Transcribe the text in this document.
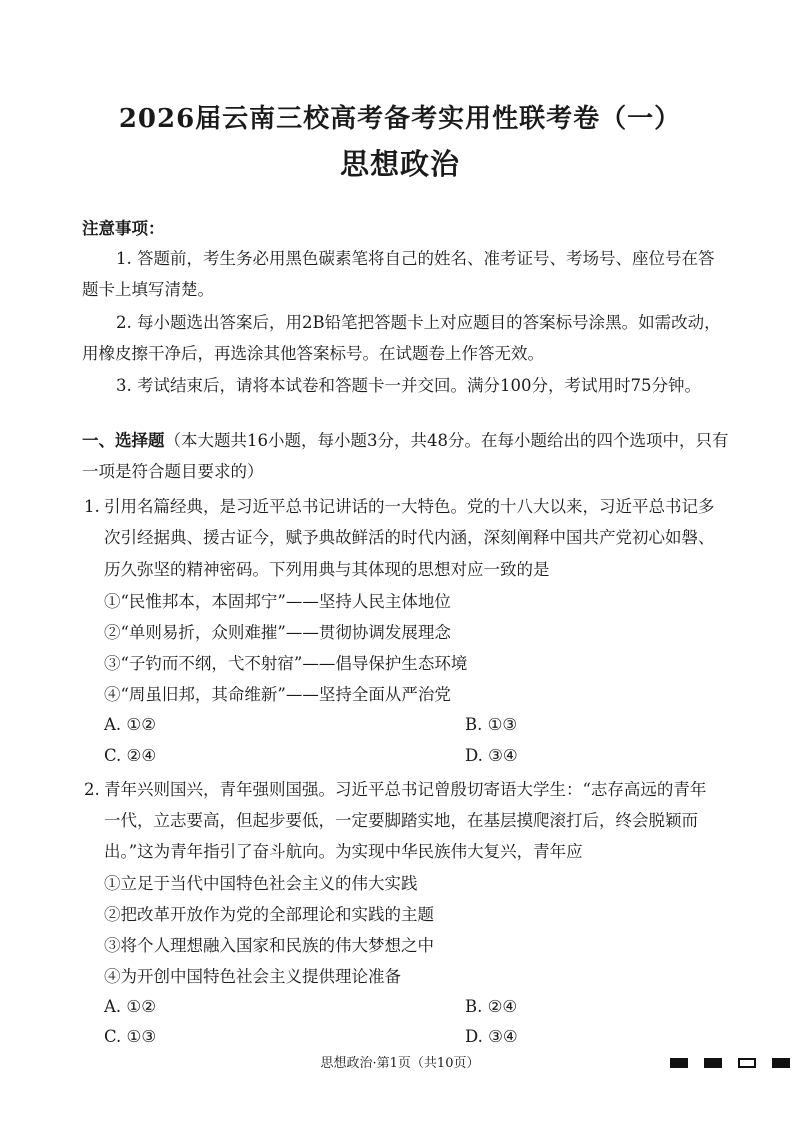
2026届云南三校高考备考实用性联考卷（一）
思想政治
注意事项：
1. 答题前，考生务必用黑色碳素笔将自己的姓名、准考证号、考场号、座位号在答
题卡上填写清楚。
2. 每小题选出答案后，用2B铅笔把答题卡上对应题目的答案标号涂黑。如需改动，
用橡皮擦干净后，再选涂其他答案标号。在试题卷上作答无效。
3. 考试结束后，请将本试卷和答题卡一并交回。满分100分，考试用时75分钟。
一、选择题（本大题共16小题，每小题3分，共48分。在每小题给出的四个选项中，只有
一项是符合题目要求的）
1. 引用名篇经典，是习近平总书记讲话的一大特色。党的十八大以来，习近平总书记多
次引经据典、援古证今，赋予典故鲜活的时代内涵，深刻阐释中国共产党初心如磐、
历久弥坚的精神密码。下列用典与其体现的思想对应一致的是
①“民惟邦本，本固邦宁”——坚持人民主体地位
②“单则易折，众则难摧”——贯彻协调发展理念
③“子钓而不纲，弋不射宿”——倡导保护生态环境
④“周虽旧邦，其命维新”——坚持全面从严治党
A. ①②	B. ①③
C. ②④	D. ③④
2. 青年兴则国兴，青年强则国强。习近平总书记曾殷切寄语大学生：“志存高远的青年
一代，立志要高，但起步要低，一定要脚踏实地，在基层摸爬滚打后，终会脱颖而
出。”这为青年指引了奋斗航向。为实现中华民族伟大复兴，青年应
①立足于当代中国特色社会主义的伟大实践
②把改革开放作为党的全部理论和实践的主题
③将个人理想融入国家和民族的伟大梦想之中
④为开创中国特色社会主义提供理论准备
A. ①②	B. ②④
C. ①③	D. ③④
思想政治·第1页（共10页）
